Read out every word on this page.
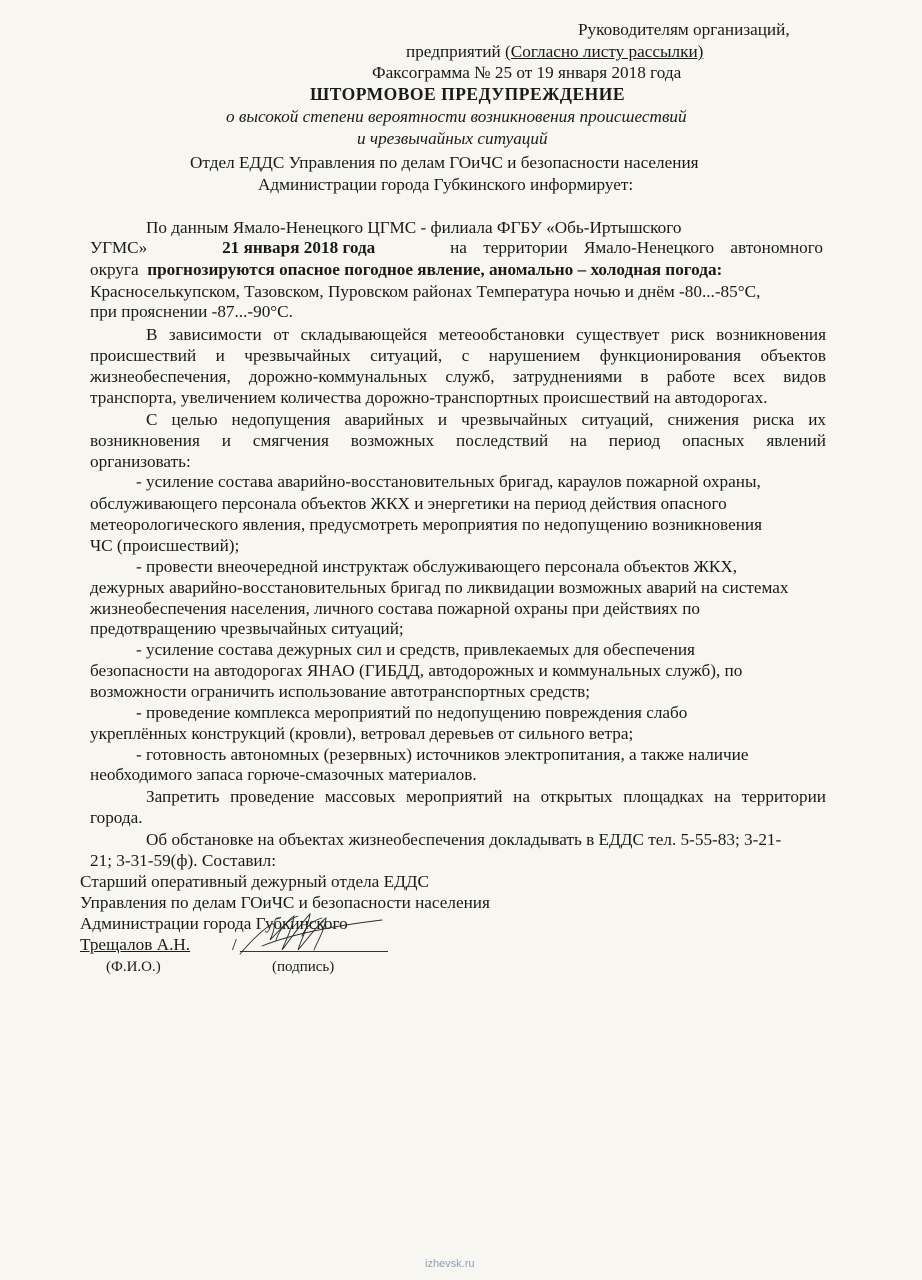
Руководителям организаций,
предприятий (Согласно листу рассылки)
Факсограмма № 25 от 19 января 2018 года
ШТОРМОВОЕ ПРЕДУПРЕЖДЕНИЕ
о высокой степени вероятности возникновения происшествий
и чрезвычайных ситуаций
Отдел ЕДДС Управления по делам ГОиЧС и безопасности населения
Администрации города Губкинского информирует:
По данным Ямало-Ненецкого ЦГМС - филиала ФГБУ «Обь-Иртышского
УГМС»	21 января 2018 года	на территории Ямало-Ненецкого автономного
округа прогнозируются опасное погодное явление, аномально – холодная погода:
Красноселькупском, Тазовском, Пуровском районах Температура ночью и днём -80...-85°С,
при прояснении -87...-90°С.
В зависимости от складывающейся метеообстановки существует риск возникновения
происшествий и чрезвычайных ситуаций, с нарушением функционирования объектов
жизнеобеспечения, дорожно-коммунальных служб, затруднениями в работе всех видов
транспорта, увеличением количества дорожно-транспортных происшествий на автодорогах.
С целью недопущения аварийных и чрезвычайных ситуаций, снижения риска их
возникновения и смягчения возможных последствий на период опасных явлений
организовать:
- усиление состава аварийно-восстановительных бригад, караулов пожарной охраны,
обслуживающего персонала объектов ЖКХ и энергетики на период действия опасного
метеорологического явления, предусмотреть мероприятия по недопущению возникновения
ЧС (происшествий);
- провести внеочередной инструктаж обслуживающего персонала объектов ЖКХ,
дежурных аварийно-восстановительных бригад по ликвидации возможных аварий на системах
жизнеобеспечения населения, личного состава пожарной охраны при действиях по
предотвращению чрезвычайных ситуаций;
- усиление состава дежурных сил и средств, привлекаемых для обеспечения
безопасности на автодорогах ЯНАО (ГИБДД, автодорожных и коммунальных служб), по
возможности ограничить использование автотранспортных средств;
- проведение комплекса мероприятий по недопущению повреждения слабо
укреплённых конструкций (кровли), ветровал деревьев от сильного ветра;
- готовность автономных (резервных) источников электропитания, а также наличие
необходимого запаса горюче-смазочных материалов.
Запретить проведение массовых мероприятий на открытых площадках на территории
города.
Об обстановке на объектах жизнеобеспечения докладывать в ЕДДС тел. 5-55-83; 3-21-
21; 3-31-59(ф). Составил:
Старший оперативный дежурный отдела ЕДДС
Управления по делам ГОиЧС и безопасности населения
Администрации города Губкинского
Трещалов А.Н. /
(Ф.И.О.)	(подпись)
izhevsk.ru
